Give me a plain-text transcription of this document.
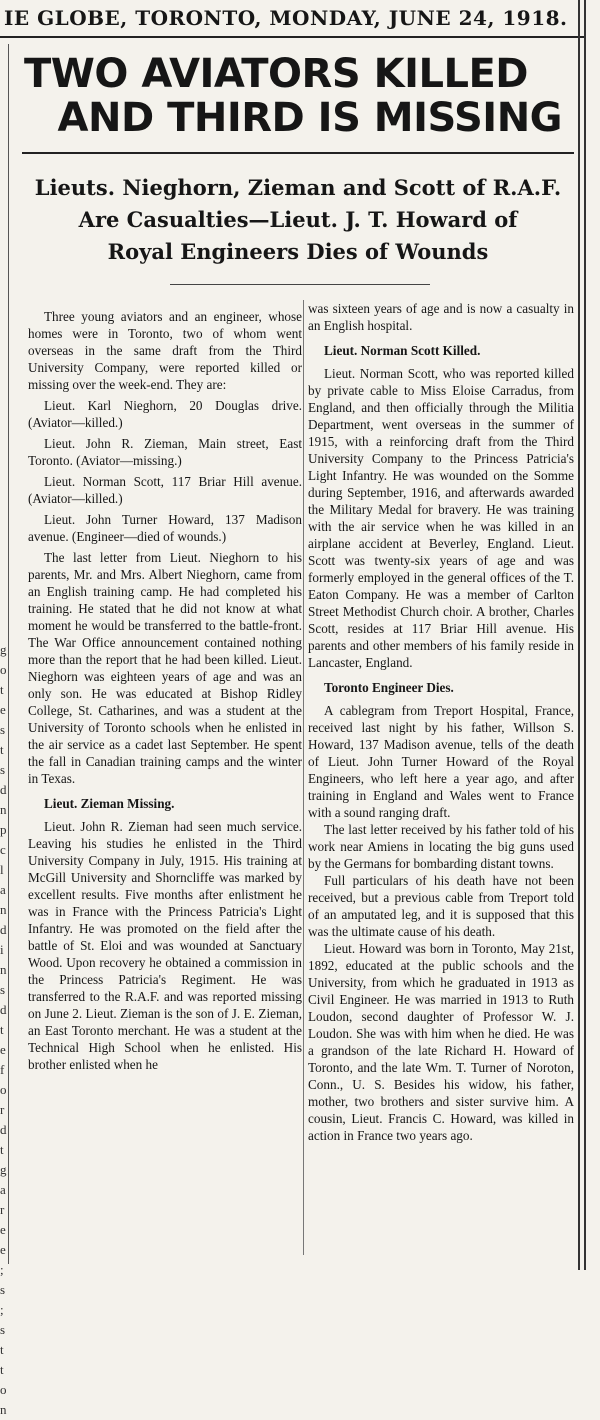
IE GLOBE, TORONTO, MONDAY, JUNE 24, 1918.
g o t e s t s d n p c l a n d i n s d t e f o r d t g a r e e ; s ; s t t o n
TWO AVIATORS KILLED
AND THIRD IS MISSING
Lieuts. Nieghorn, Zieman and Scott of R.A.F.
Are Casualties—Lieut. J. T. Howard of
Royal Engineers Dies of Wounds

Three young aviators and an engineer, whose homes were in Toronto, two of whom went overseas in the same draft from the Third University Company, were reported killed or missing over the week-end. They are:

Lieut. Karl Nieghorn, 20 Douglas drive. (Aviator—killed.)

Lieut. John R. Zieman, Main street, East Toronto. (Aviator—missing.)

Lieut. Norman Scott, 117 Briar Hill avenue. (Aviator—killed.)

Lieut. John Turner Howard, 137 Madison avenue. (Engineer—died of wounds.)

The last letter from Lieut. Nieghorn to his parents, Mr. and Mrs. Albert Nieghorn, came from an English training camp. He had completed his training. He stated that he did not know at what moment he would be transferred to the battle-front. The War Office announcement contained nothing more than the report that he had been killed. Lieut. Nieghorn was eighteen years of age and was an only son. He was educated at Bishop Ridley College, St. Catharines, and was a student at the University of Toronto schools when he enlisted in the air service as a cadet last September. He spent the fall in Canadian training camps and the winter in Texas.

Lieut. Zieman Missing.

Lieut. John R. Zieman had seen much service. Leaving his studies he enlisted in the Third University Company in July, 1915. His training at McGill University and Shorncliffe was marked by excellent results. Five months after enlistment he was in France with the Princess Patricia's Light Infantry. He was promoted on the field after the battle of St. Eloi and was wounded at Sanctuary Wood. Upon recovery he obtained a commission in the Princess Patricia's Regiment. He was transferred to the R.A.F. and was reported missing on June 2. Lieut. Zieman is the son of J. E. Zieman, an East Toronto merchant. He was a student at the Technical High School when he enlisted. His brother enlisted when he

was sixteen years of age and is now a casualty in an English hospital.

Lieut. Norman Scott Killed.

Lieut. Norman Scott, who was reported killed by private cable to Miss Eloise Carradus, from England, and then officially through the Militia Department, went overseas in the summer of 1915, with a reinforcing draft from the Third University Company to the Princess Patricia's Light Infantry. He was wounded on the Somme during September, 1916, and afterwards awarded the Military Medal for bravery. He was training with the air service when he was killed in an airplane accident at Beverley, England. Lieut. Scott was twenty-six years of age and was formerly employed in the general offices of the T. Eaton Company. He was a member of Carlton Street Methodist Church choir. A brother, Charles Scott, resides at 117 Briar Hill avenue. His parents and other members of his family reside in Lancaster, England.

Toronto Engineer Dies.

A cablegram from Treport Hospital, France, received last night by his father, Willson S. Howard, 137 Madison avenue, tells of the death of Lieut. John Turner Howard of the Royal Engineers, who left here a year ago, and after training in England and Wales went to France with a sound ranging draft.

The last letter received by his father told of his work near Amiens in locating the big guns used by the Germans for bombarding distant towns.

Full particulars of his death have not been received, but a previous cable from Treport told of an amputated leg, and it is supposed that this was the ultimate cause of his death.

Lieut. Howard was born in Toronto, May 21st, 1892, educated at the public schools and the University, from which he graduated in 1913 as Civil Engineer. He was married in 1913 to Ruth Loudon, second daughter of Professor W. J. Loudon. She was with him when he died. He was a grandson of the late Richard H. Howard of Toronto, and the late Wm. T. Turner of Noroton, Conn., U. S. Besides his widow, his father, mother, two brothers and sister survive him. A cousin, Lieut. Francis C. Howard, was killed in action in France two years ago.
